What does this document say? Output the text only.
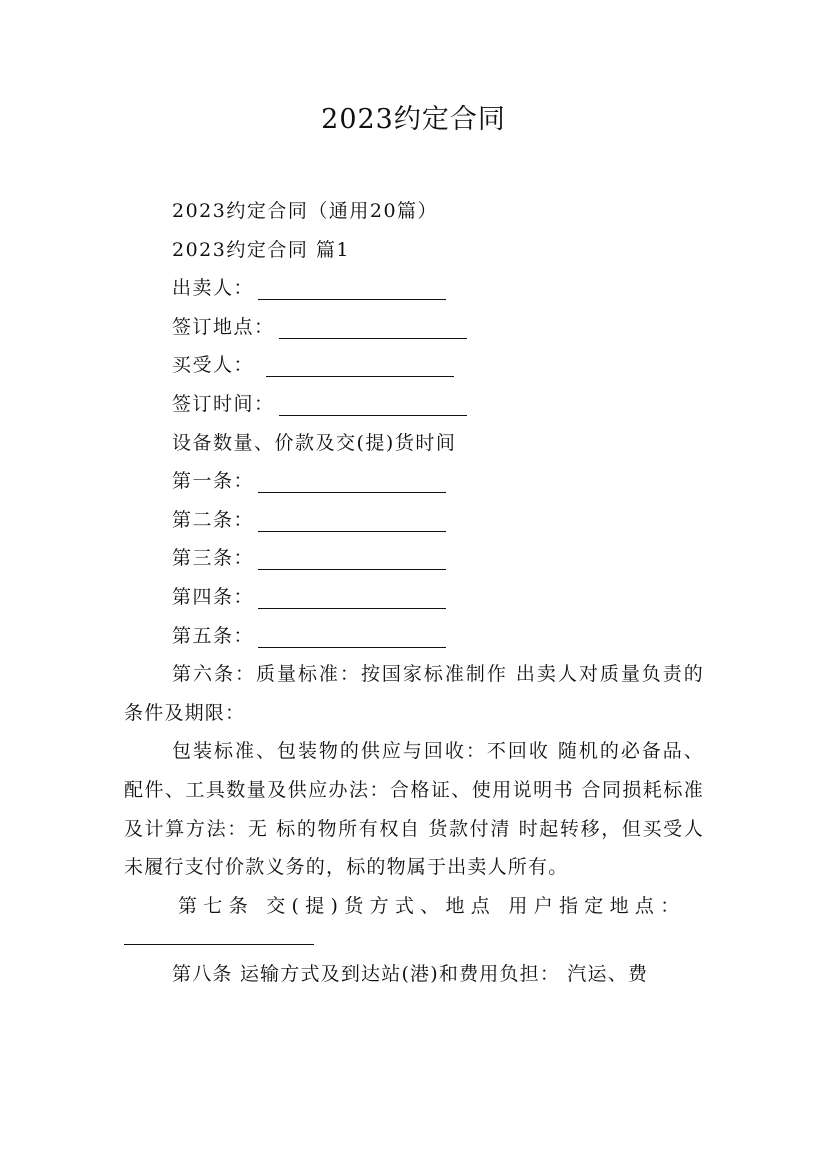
2023约定合同
2023约定合同（通用20篇）
2023约定合同 篇1
出卖人：
签订地点：
买受人：
签订时间：
设备数量、价款及交(提)货时间
第一条：
第二条：
第三条：
第四条：
第五条：
第六条：质量标准：按国家标准制作 出卖人对质量负责的条件及期限：
包装标准、包装物的供应与回收：不回收 随机的必备品、配件、工具数量及供应办法：合格证、使用说明书 合同损耗标准及计算方法：无 标的物所有权自 货款付清 时起转移，但买受人未履行支付价款义务的，标的物属于出卖人所有。
第七条 交(提)货方式、地点 用户指定地点：
第八条 运输方式及到达站(港)和费用负担： 汽运、费
